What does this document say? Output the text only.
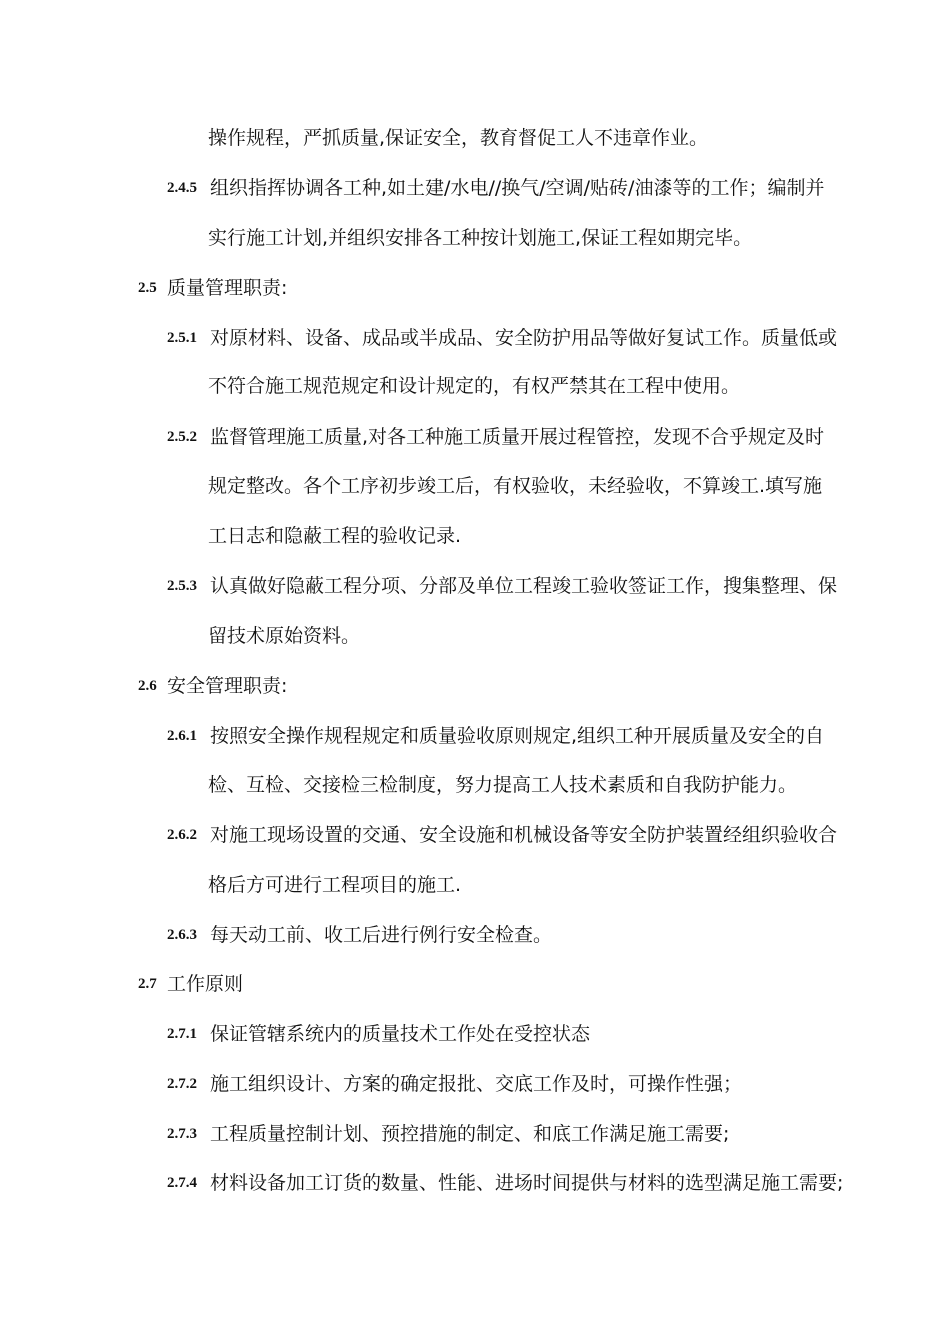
操作规程，严抓质量,保证安全，教育督促工人不违章作业。
2.4.5 组织指挥协调各工种,如土建/水电//换气/空调/贴砖/油漆等的工作；编制并
实行施工计划,并组织安排各工种按计划施工,保证工程如期完毕。
2.5 质量管理职责:
2.5.1 对原材料、设备、成品或半成品、安全防护用品等做好复试工作。质量低或
不符合施工规范规定和设计规定的，有权严禁其在工程中使用。
2.5.2 监督管理施工质量,对各工种施工质量开展过程管控，发现不合乎规定及时
规定整改。各个工序初步竣工后，有权验收，未经验收，不算竣工.填写施
工日志和隐蔽工程的验收记录.
2.5.3 认真做好隐蔽工程分项、分部及单位工程竣工验收签证工作，搜集整理、保
留技术原始资料。
2.6 安全管理职责:
2.6.1 按照安全操作规程规定和质量验收原则规定,组织工种开展质量及安全的自
检、互检、交接检三检制度，努力提高工人技术素质和自我防护能力。
2.6.2 对施工现场设置的交通、安全设施和机械设备等安全防护装置经组织验收合
格后方可进行工程项目的施工.
2.6.3 每天动工前、收工后进行例行安全检查。
2.7 工作原则
2.7.1 保证管辖系统内的质量技术工作处在受控状态
2.7.2 施工组织设计、方案的确定报批、交底工作及时，可操作性强；
2.7.3 工程质量控制计划、预控措施的制定、和底工作满足施工需要;
2.7.4 材料设备加工订货的数量、性能、进场时间提供与材料的选型满足施工需要;
